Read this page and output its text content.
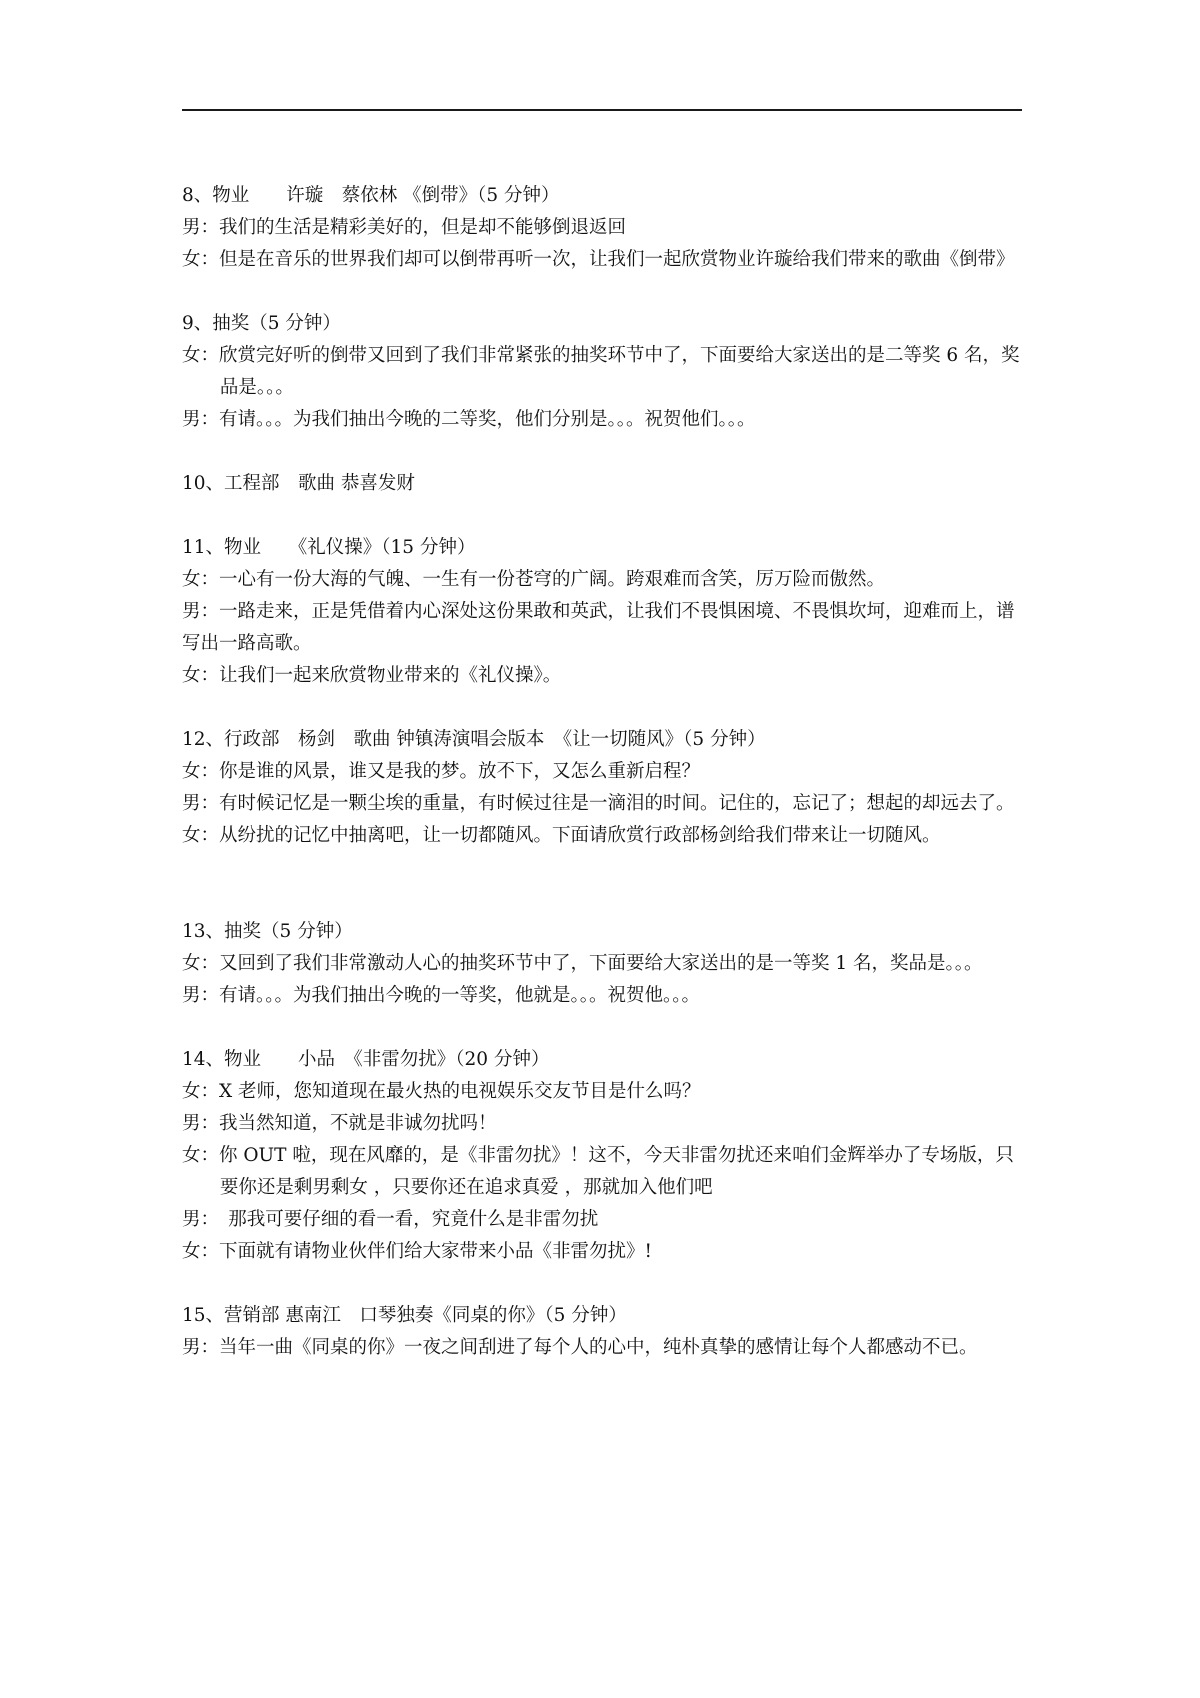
8、物业　　许璇　蔡依林 《倒带》（5 分钟）

男：我们的生活是精彩美好的，但是却不能够倒退返回

女：但是在音乐的世界我们却可以倒带再听一次，让我们一起欣赏物业许璇给我们带来的歌曲《倒带》

9、抽奖（5 分钟）

女：欣赏完好听的倒带又回到了我们非常紧张的抽奖环节中了，下面要给大家送出的是二等奖 6 名，奖品是。。。

男：有请。。。为我们抽出今晚的二等奖，他们分别是。。。祝贺他们。。。

10、工程部　歌曲 恭喜发财

11、物业　　《礼仪操》（15 分钟）

女：一心有一份大海的气魄、一生有一份苍穹的广阔。跨艰难而含笑，厉万险而傲然。

男：一路走来，正是凭借着内心深处这份果敢和英武，让我们不畏惧困境、不畏惧坎坷，迎难而上，谱写出一路高歌。

女：让我们一起来欣赏物业带来的《礼仪操》。

12、行政部　杨剑　歌曲 钟镇涛演唱会版本　《让一切随风》（5 分钟）

女：你是谁的风景，谁又是我的梦。放不下，又怎么重新启程？

男：有时候记忆是一颗尘埃的重量，有时候过往是一滴泪的时间。记住的，忘记了；想起的却远去了。

女：从纷扰的记忆中抽离吧，让一切都随风。下面请欣赏行政部杨剑给我们带来让一切随风。

13、抽奖（5 分钟）

女：又回到了我们非常激动人心的抽奖环节中了，下面要给大家送出的是一等奖 1 名，奖品是。。。

男：有请。。。为我们抽出今晚的一等奖，他就是。。。祝贺他。。。

14、物业　　小品　《非雷勿扰》（20 分钟）

女：X 老师，您知道现在最火热的电视娱乐交友节目是什么吗？

男：我当然知道，不就是非诚勿扰吗！

女：你 OUT 啦，现在风靡的，是《非雷勿扰》！这不，今天非雷勿扰还来咱们金辉举办了专场版，只要你还是剩男剩女 ，只要你还在追求真爱 ，那就加入他们吧

男：　那我可要仔细的看一看，究竟什么是非雷勿扰

女：下面就有请物业伙伴们给大家带来小品《非雷勿扰》!

15、营销部 惠南江　口琴独奏《同桌的你》（5 分钟）

男：当年一曲《同桌的你》一夜之间刮进了每个人的心中，纯朴真挚的感情让每个人都感动不已。
